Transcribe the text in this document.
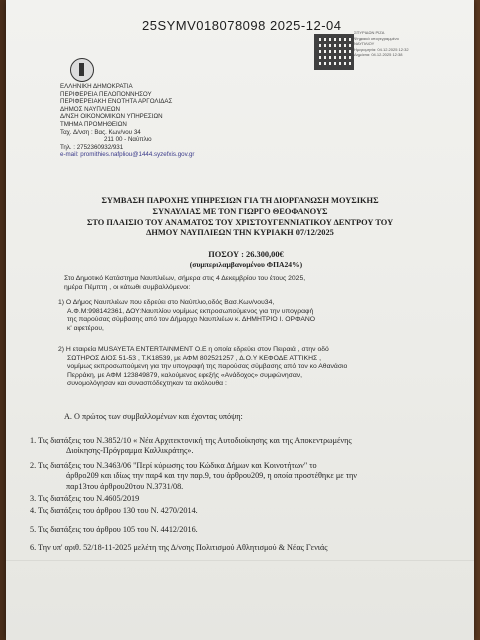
25SYMV018078098 2025-12-04	ΣΠΥΡΙΔΩΝ ΡΙΖΑ
Ψηφιακά υπογεγραμμένο
ΝΑΥΠΛΙΟΥ
Ημερομηνία: 04.12.2025 12:32
Δημόσια: 04.12.2025 12:38
ΕΛΛΗΝΙΚΗ ΔΗΜΟΚΡΑΤΙΑ
ΠΕΡΙΦΕΡΕΙΑ ΠΕΛΟΠΟΝΝΗΣΟΥ
ΠΕΡΙΦΕΡΕΙΑΚΗ ΕΝΟΤΗΤΑ ΑΡΓΟΛΙΔΑΣ
ΔΗΜΟΣ ΝΑΥΠΛΙΕΩΝ
Δ/ΝΣΗ ΟΙΚΟΝΟΜΙΚΩΝ ΥΠΗΡΕΣΙΩΝ
ΤΜΗΜΑ ΠΡΟΜΗΘΕΙΩΝ
Ταχ. Δ/νση : Βας. Κων/νου 34
211 00 - Ναύπλιο
Τηλ. : 2752360932/931
e-mail: promithies.nafpliou@1444.syzefxis.gov.gr
ΣΥΜΒΑΣΗ ΠΑΡΟΧΗΣ ΥΠΗΡΕΣΙΩΝ ΓΙΑ ΤΗ ΔΙΟΡΓΑΝΩΣΗ ΜΟΥΣΙΚΗΣ
ΣΥΝΑΥΛΙΑΣ ΜΕ ΤΟΝ ΓΙΩΡΓΟ ΘΕΟΦΑΝΟΥΣ
ΣΤΟ ΠΛΑΙΣΙΟ ΤΟΥ ΑΝΑΜΑΤΟΣ ΤΟΥ ΧΡΙΣΤΟΥΓΕΝΝΙΑΤΙΚΟΥ ΔΕΝΤΡΟΥ ΤΟΥ
ΔΗΜΟΥ ΝΑΥΠΛΙΕΩΝ ΤΗΝ ΚΥΡΙΑΚΗ 07/12/2025
ΠΟΣΟΥ : 26.300,00€
(συμπεριλαμβανομένου ΦΠΑ24%)
Στο Δημοτικό Κατάστημα Ναυπλιέων, σήμερα στις 4 Δεκεμβρίου του έτους 2025,
ημέρα Πέμπτη , οι κάτωθι συμβαλλόμενοι:
1) Ο Δήμος Ναυπλιέων που εδρεύει στο Ναύπλιο,οδός Βασ.Κων/νου34,
Α.Φ.Μ:998142361, ΔΟΥ:Ναυπλίου νομίμως εκπροσωπούμενος για την υπογραφή
της παρούσας σύμβασης από τον Δήμαρχο Ναυπλιέων κ. ΔΗΜΗΤΡΙΟ Ι. ΟΡΦΑΝΟ
κ' αφετέρου,
2) Η εταιρεία MUSAYETA ENTERTAINMENT O.E η οποία εδρεύει στον Πειραιά , στην οδό
ΣΩΤΗΡΟΣ ΔΙΟΣ 51-53 , Τ.Κ18539, με ΑΦΜ 802521257 , Δ.Ο.Υ ΚΕΦΟΔΕ ΑΤΤΙΚΗΣ ,
νομίμως εκπροσωπούμενη για την υπογραφή της παρούσας σύμβασης από τον κο Αθανάσιο
Περράκη, με ΑΦΜ 123849879, καλούμενος εφεξής «Ανάδοχος» συμφώνησαν,
συνομολόγησαν και συνασπόδεχτηκαν τα ακόλουθα :
Α. Ο πρώτος των συμβαλλομένων και έχοντας υπόψη:
1. Τις διατάξεις του Ν.3852/10 « Νέα Αρχιτεκτονική της Αυτοδιοίκησης και της Αποκεντρωμένης
Διοίκησης-Πρόγραμμα Καλλικράτης».
2. Τις διατάξεις του Ν.3463/06 "Περί κύρωσης του Κώδικα Δήμων και Κοινοτήτων" το
άρθρο209 και ιδίως την παρ4 και την παρ.9, του άρθρου209, η οποία προστέθηκε με την
παρ13του άρθρου20του Ν.3731/08.
3. Τις διατάξεις του Ν.4605/2019
4. Τις διατάξεις του άρθρου 130 του Ν. 4270/2014.
5. Τις διατάξεις του άρθρου 105 του Ν. 4412/2016.
6. Την υπ' αριθ. 52/18-11-2025 μελέτη της Δ/νσης Πολιτισμού Αθλητισμού & Νέας Γενιάς
